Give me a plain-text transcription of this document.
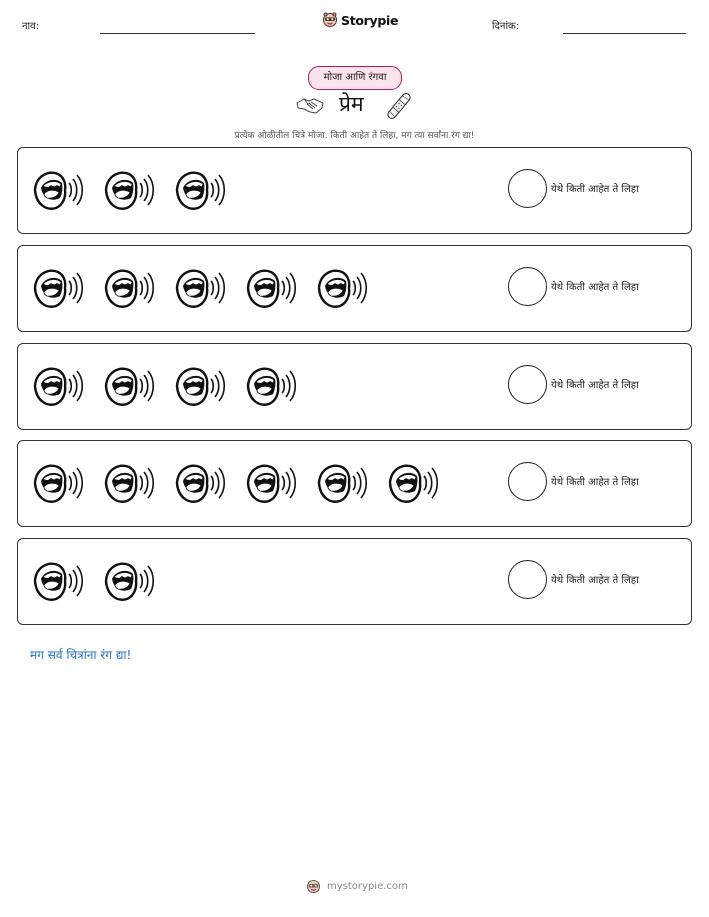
नाव:	Storypie	दिनांक:
मोजा आणि रंगवा
प्रेम
प्रत्येक ओळीतील चित्रे मोजा. किती आहेत ते लिहा, मग त्या सर्वांना रंग द्या!
येथे किती आहेत ते लिहा
येथे किती आहेत ते लिहा
येथे किती आहेत ते लिहा
येथे किती आहेत ते लिहा
येथे किती आहेत ते लिहा
मग सर्व चित्रांना रंग द्या!
mystorypie.com
